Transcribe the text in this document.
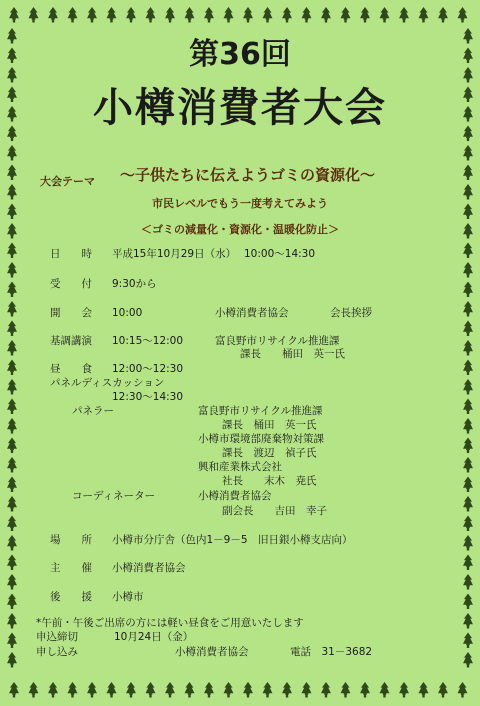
第36回
小樽消費者大会
大会テーマ ～子供たちに伝えようゴミの資源化～
市民レベルでもう一度考えてみよう
＜ゴミの減量化・資源化・温暖化防止＞
日　　時 平成15年10月29日（水） 10:00～14:30
受　　付 9:30から
開　　会 10:00	小樽消費者協会	会長挨拶
基調講演 10:15～12:00	富良野市リサイクル推進課
課長　　桶田　英一氏
昼　　食 12:00～12:30
パネルディスカッション
12:30～14:30
パネラー	富良野市リサイクル推進課
課長　桶田　英一氏
小樽市環境部廃棄物対策課
課長　渡辺　禎子氏
興和産業株式会社
社長　　末木　尭氏
コーディネーター	小樽消費者協会
副会長　　吉田　幸子
場　　所 小樽市分庁舎（色内1－9－5　旧日銀小樽支店向）
主　　催 小樽消費者協会
後　　援 小樽市
*午前・午後ご出席の方には軽い昼食をご用意いたします
申込締切	10月24日（金）
申し込み	小樽消費者協会	電話　31－3682
